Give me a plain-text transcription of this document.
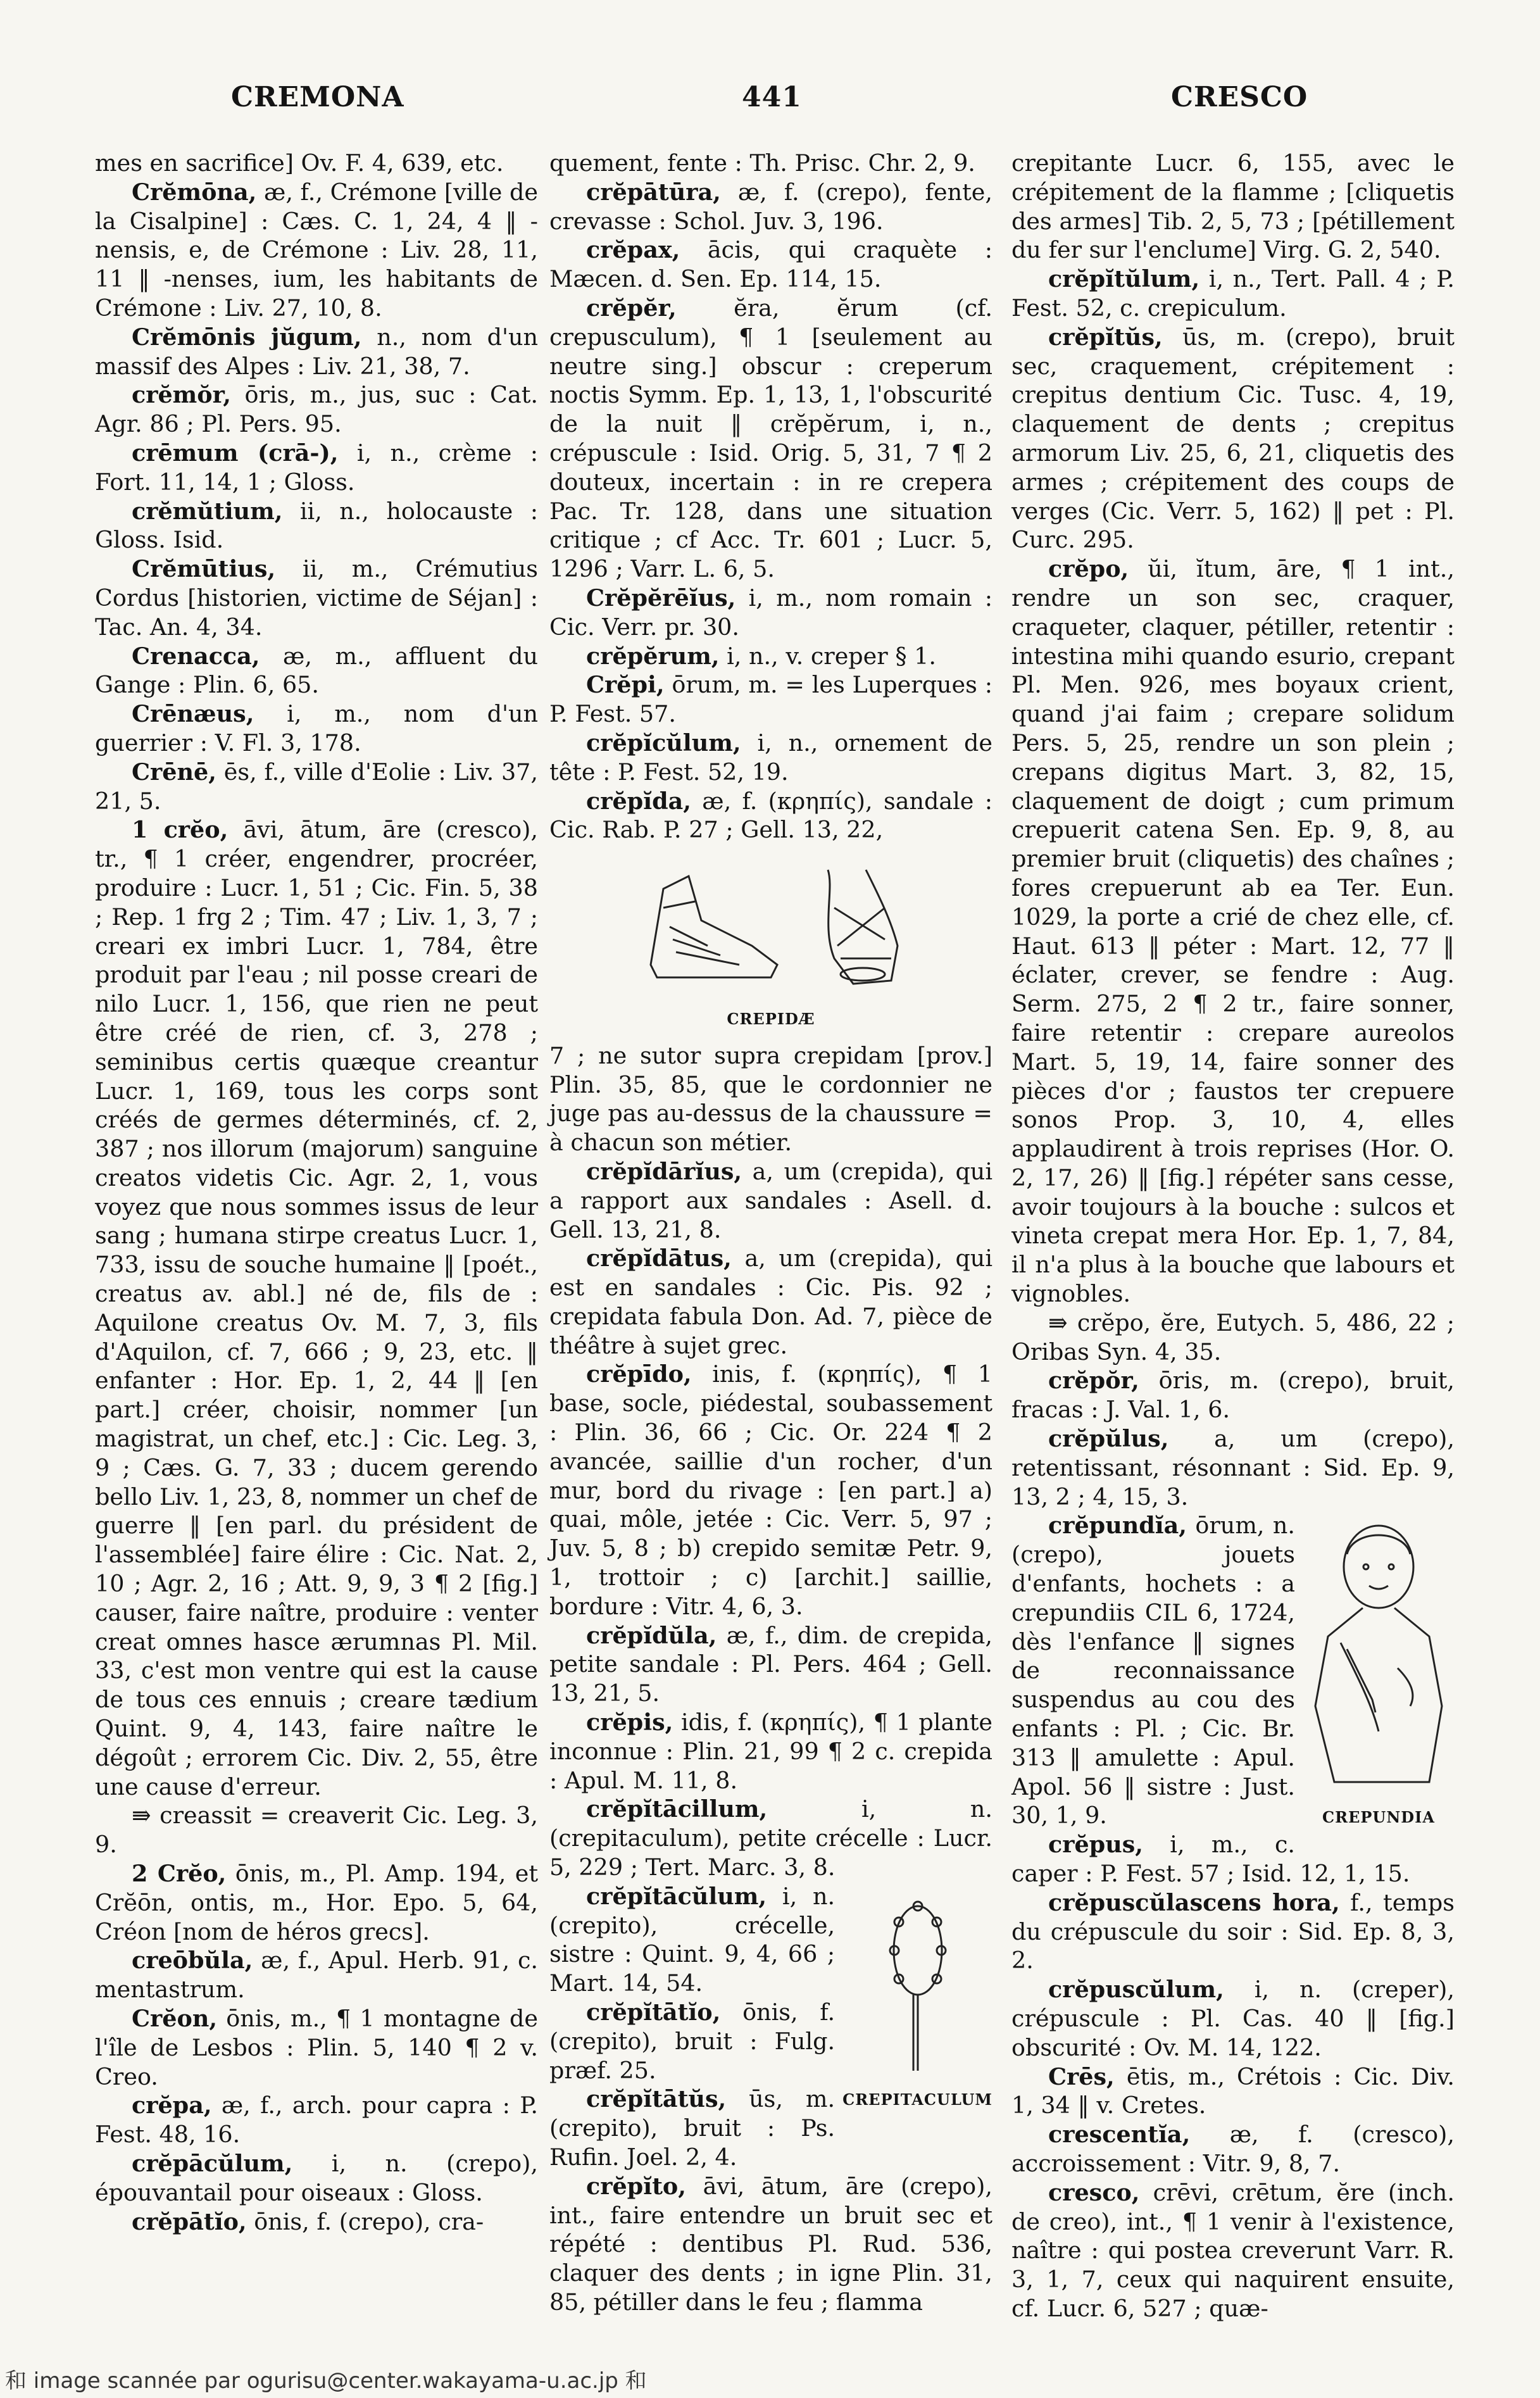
CREMONA	441	CRESCO

mes en sacrifice] Ov. F. 4, 639, etc.

Crĕmōna, æ, f., Crémone [ville de la Cisalpine] : Cæs. C. 1, 24, 4 ‖ -nensis, e, de Crémone : Liv. 28, 11, 11 ‖ -nenses, ium, les habitants de Crémone : Liv. 27, 10, 8.

Crĕmōnis jŭgum, n., nom d'un massif des Alpes : Liv. 21, 38, 7.

crĕmŏr, ōris, m., jus, suc : Cat. Agr. 86 ; Pl. Pers. 95.

crēmum (crā-), i, n., crème : Fort. 11, 14, 1 ; Gloss.

crĕmŭtium, ii, n., holocauste : Gloss. Isid.

Crĕmūtius, ii, m., Crémutius Cordus [historien, victime de Séjan] : Tac. An. 4, 34.

Crenacca, æ, m., affluent du Gange : Plin. 6, 65.

Crēnæus, i, m., nom d'un guerrier : V. Fl. 3, 178.

Crēnē, ēs, f., ville d'Eolie : Liv. 37, 21, 5.

1 crĕo, āvi, ātum, āre (cresco), tr., ¶ 1 créer, engendrer, procréer, produire : Lucr. 1, 51 ; Cic. Fin. 5, 38 ; Rep. 1 frg 2 ; Tim. 47 ; Liv. 1, 3, 7 ; creari ex imbri Lucr. 1, 784, être produit par l'eau ; nil posse creari de nilo Lucr. 1, 156, que rien ne peut être créé de rien, cf. 3, 278 ; seminibus certis quæque creantur Lucr. 1, 169, tous les corps sont créés de germes déterminés, cf. 2, 387 ; nos illorum (majorum) sanguine creatos videtis Cic. Agr. 2, 1, vous voyez que nous sommes issus de leur sang ; humana stirpe creatus Lucr. 1, 733, issu de souche humaine ‖ [poét., creatus av. abl.] né de, fils de : Aquilone creatus Ov. M. 7, 3, fils d'Aquilon, cf. 7, 666 ; 9, 23, etc. ‖ enfanter : Hor. Ep. 1, 2, 44 ‖ [en part.] créer, choisir, nommer [un magistrat, un chef, etc.] : Cic. Leg. 3, 9 ; Cæs. G. 7, 33 ; ducem gerendo bello Liv. 1, 23, 8, nommer un chef de guerre ‖ [en parl. du président de l'assemblée] faire élire : Cic. Nat. 2, 10 ; Agr. 2, 16 ; Att. 9, 9, 3 ¶ 2 [fig.] causer, faire naître, produire : venter creat omnes hasce ærumnas Pl. Mil. 33, c'est mon ventre qui est la cause de tous ces ennuis ; creare tædium Quint. 9, 4, 143, faire naître le dégoût ; errorem Cic. Div. 2, 55, être une cause d'erreur.

⇛ creassit = creaverit Cic. Leg. 3, 9.

2 Crĕo, ōnis, m., Pl. Amp. 194, et Crĕōn, ontis, m., Hor. Epo. 5, 64, Créon [nom de héros grecs].

creōbŭla, æ, f., Apul. Herb. 91, c. mentastrum.

Crĕon, ōnis, m., ¶ 1 montagne de l'île de Lesbos : Plin. 5, 140 ¶ 2 v. Creo.

crĕpa, æ, f., arch. pour capra : P. Fest. 48, 16.

crĕpācŭlum, i, n. (crepo), épouvantail pour oiseaux : Gloss.

crĕpātĭo, ōnis, f. (crepo), cra-

quement, fente : Th. Prisc. Chr. 2, 9.

crĕpātūra, æ, f. (crepo), fente, crevasse : Schol. Juv. 3, 196.

crĕpax, ācis, qui craquète : Mæcen. d. Sen. Ep. 114, 15.

crĕpĕr, ĕra, ĕrum (cf. crepusculum), ¶ 1 [seulement au neutre sing.] obscur : creperum noctis Symm. Ep. 1, 13, 1, l'obscurité de la nuit ‖ crĕpĕrum, i, n., crépuscule : Isid. Orig. 5, 31, 7 ¶ 2 douteux, incertain : in re crepera Pac. Tr. 128, dans une situation critique ; cf Acc. Tr. 601 ; Lucr. 5, 1296 ; Varr. L. 6, 5.

Crĕpĕrēĭus, i, m., nom romain : Cic. Verr. pr. 30.

crĕpĕrum, i, n., v. creper § 1.

Crĕpi, ōrum, m. = les Luperques : P. Fest. 57.

crĕpĭcŭlum, i, n., ornement de tête : P. Fest. 52, 19.

crĕpĭda, æ, f. (κρηπίς), sandale : Cic. Rab. P. 27 ; Gell. 13, 22,

CREPIDÆ

7 ; ne sutor supra crepidam [prov.] Plin. 35, 85, que le cordonnier ne juge pas au-dessus de la chaussure = à chacun son métier.

crĕpĭdārĭus, a, um (crepida), qui a rapport aux sandales : Asell. d. Gell. 13, 21, 8.

crĕpĭdātus, a, um (crepida), qui est en sandales : Cic. Pis. 92 ; crepidata fabula Don. Ad. 7, pièce de théâtre à sujet grec.

crĕpīdo, inis, f. (κρηπίς), ¶ 1 base, socle, piédestal, soubassement : Plin. 36, 66 ; Cic. Or. 224 ¶ 2 avancée, saillie d'un rocher, d'un mur, bord du rivage : [en part.] a) quai, môle, jetée : Cic. Verr. 5, 97 ; Juv. 5, 8 ; b) crepido semitæ Petr. 9, 1, trottoir ; c) [archit.] saillie, bordure : Vitr. 4, 6, 3.

crĕpĭdŭla, æ, f., dim. de crepida, petite sandale : Pl. Pers. 464 ; Gell. 13, 21, 5.

crĕpis, idis, f. (κρηπίς), ¶ 1 plante inconnue : Plin. 21, 99 ¶ 2 c. crepida : Apul. M. 11, 8.

crĕpĭtācillum, i, n. (crepitaculum), petite crécelle : Lucr. 5, 229 ; Tert. Marc. 3, 8.

CREPITACULUM

crĕpĭtācŭlum, i, n. (crepito), crécelle, sistre : Quint. 9, 4, 66 ; Mart. 14, 54.

crĕpĭtātĭo, ōnis, f. (crepito), bruit : Fulg. præf. 25.

crĕpĭtātŭs, ūs, m. (crepito), bruit : Ps. Rufin. Joel. 2, 4.

crĕpĭto, āvi, ātum, āre (crepo), int., faire entendre un bruit sec et répété : dentibus Pl. Rud. 536, claquer des dents ; in igne Plin. 31, 85, pétiller dans le feu ; flamma

crepitante Lucr. 6, 155, avec le crépitement de la flamme ; [cliquetis des armes] Tib. 2, 5, 73 ; [pétillement du fer sur l'enclume] Virg. G. 2, 540.

crĕpĭtŭlum, i, n., Tert. Pall. 4 ; P. Fest. 52, c. crepiculum.

crĕpĭtŭs, ūs, m. (crepo), bruit sec, craquement, crépitement : crepitus dentium Cic. Tusc. 4, 19, claquement de dents ; crepitus armorum Liv. 25, 6, 21, cliquetis des armes ; crépitement des coups de verges (Cic. Verr. 5, 162) ‖ pet : Pl. Curc. 295.

crĕpo, ŭi, ĭtum, āre, ¶ 1 int., rendre un son sec, craquer, craqueter, claquer, pétiller, retentir : intestina mihi quando esurio, crepant Pl. Men. 926, mes boyaux crient, quand j'ai faim ; crepare solidum Pers. 5, 25, rendre un son plein ; crepans digitus Mart. 3, 82, 15, claquement de doigt ; cum primum crepuerit catena Sen. Ep. 9, 8, au premier bruit (cliquetis) des chaînes ; fores crepuerunt ab ea Ter. Eun. 1029, la porte a crié de chez elle, cf. Haut. 613 ‖ péter : Mart. 12, 77 ‖ éclater, crever, se fendre : Aug. Serm. 275, 2 ¶ 2 tr., faire sonner, faire retentir : crepare aureolos Mart. 5, 19, 14, faire sonner des pièces d'or ; faustos ter crepuere sonos Prop. 3, 10, 4, elles applaudirent à trois reprises (Hor. O. 2, 17, 26) ‖ [fig.] répéter sans cesse, avoir toujours à la bouche : sulcos et vineta crepat mera Hor. Ep. 1, 7, 84, il n'a plus à la bouche que labours et vignobles.

⇛ crĕpo, ĕre, Eutych. 5, 486, 22 ; Oribas Syn. 4, 35.

crĕpŏr, ōris, m. (crepo), bruit, fracas : J. Val. 1, 6.

crĕpŭlus, a, um (crepo), retentissant, résonnant : Sid. Ep. 9, 13, 2 ; 4, 15, 3.

CREPUNDIA

crĕpundĭa, ōrum, n. (crepo), jouets d'enfants, hochets : a crepundiis CIL 6, 1724, dès l'enfance ‖ signes de reconnaissance suspendus au cou des enfants : Pl. ; Cic. Br. 313 ‖ amulette : Apul. Apol. 56 ‖ sistre : Just. 30, 1, 9.

crĕpus, i, m., c. caper : P. Fest. 57 ; Isid. 12, 1, 15.

crĕpuscŭlascens hora, f., temps du crépuscule du soir : Sid. Ep. 8, 3, 2.

crĕpuscŭlum, i, n. (creper), crépuscule : Pl. Cas. 40 ‖ [fig.] obscurité : Ov. M. 14, 122.

Crēs, ētis, m., Crétois : Cic. Div. 1, 34 ‖ v. Cretes.

crescentĭa, æ, f. (cresco), accroissement : Vitr. 9, 8, 7.

cresco, crēvi, crētum, ĕre (inch. de creo), int., ¶ 1 venir à l'existence, naître : qui postea creverunt Varr. R. 3, 1, 7, ceux qui naquirent ensuite, cf. Lucr. 6, 527 ; quæ-

和 image scannée par ogurisu@center.wakayama-u.ac.jp 和
